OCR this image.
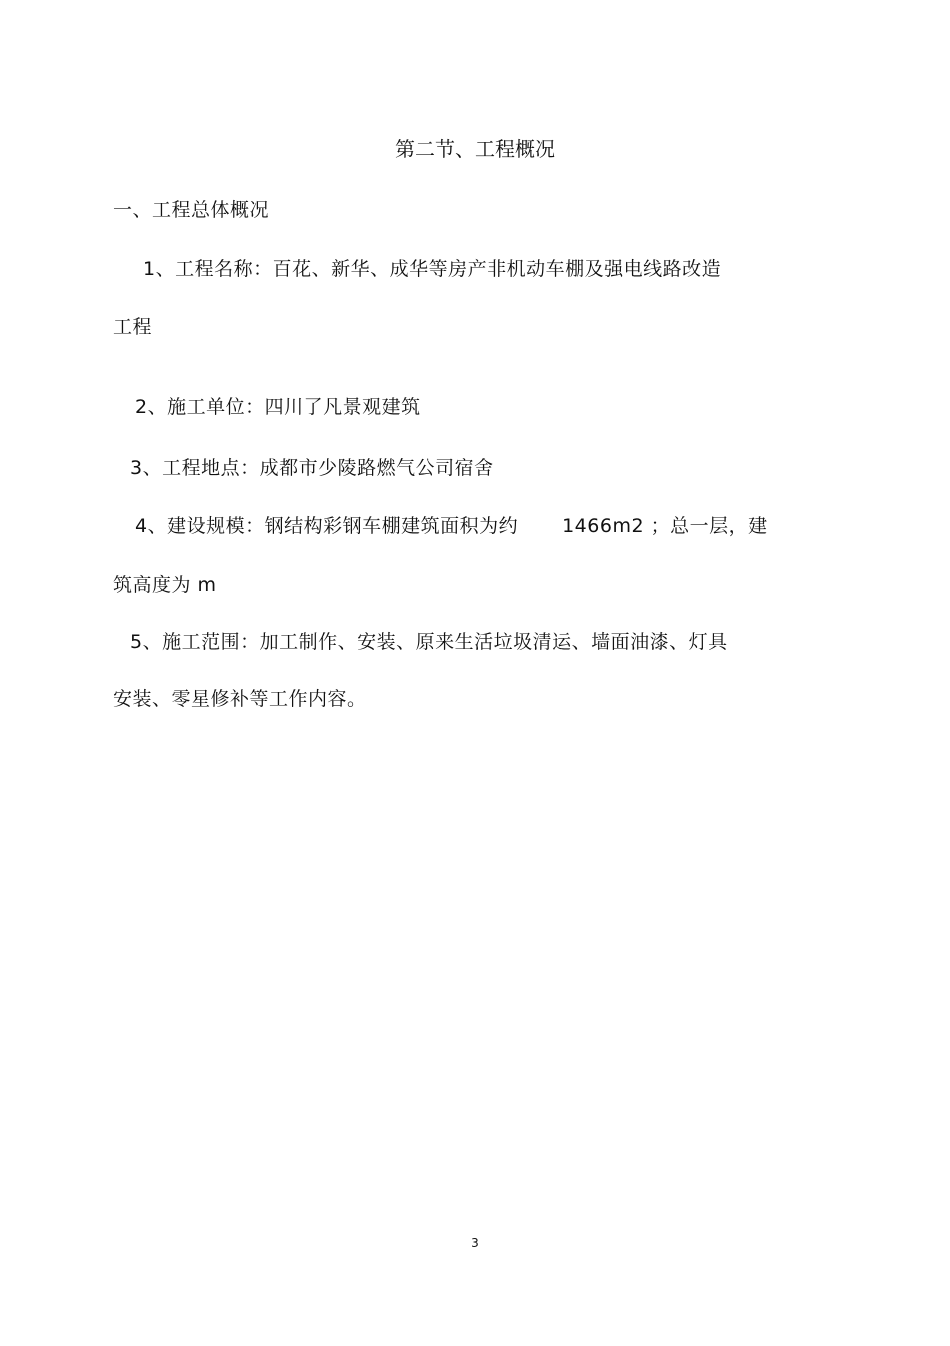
第二节、工程概况
一、工程总体概况
1、工程名称：百花、新华、成华等房产非机动车棚及强电线路改造
工程
2、施工单位：四川了凡景观建筑
3、工程地点：成都市少陵路燃气公司宿舍
4、建设规模：钢结构彩钢车棚建筑面积为约 1466m2 ；总一层，建
筑高度为 m
5、施工范围：加工制作、安装、原来生活垃圾清运、墙面油漆、灯具
安装、零星修补等工作内容。
3
